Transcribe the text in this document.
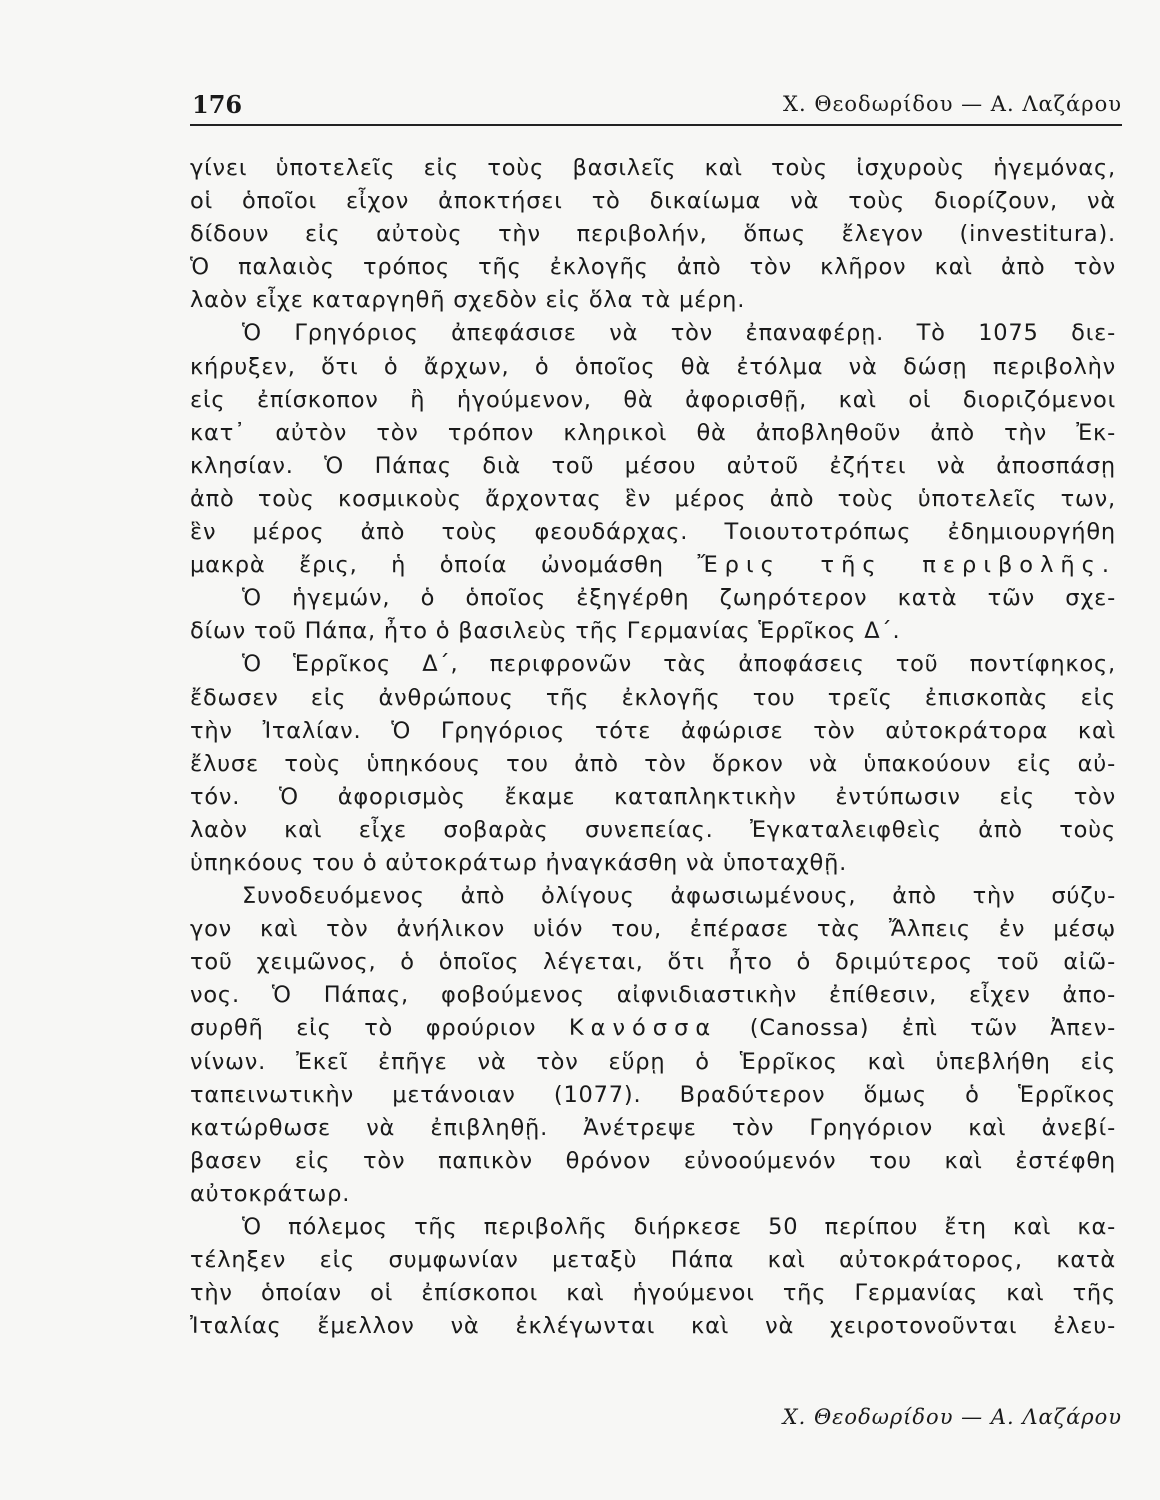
176	Χ. Θεοδωρίδου — Α. Λαζάρου
γίνει ὑποτελεῖς εἰς τοὺς βασιλεῖς καὶ τοὺς ἰσχυροὺς ἡγεμόνας,
οἱ ὁποῖοι εἶχον ἀποκτήσει τὸ δικαίωμα νὰ τοὺς διορίζουν, νὰ
δίδουν εἰς αὐτοὺς τὴν περιβολήν, ὅπως ἔλεγον (investitura).
Ὁ παλαιὸς τρόπος τῆς ἐκλογῆς ἀπὸ τὸν κλῆρον καὶ ἀπὸ τὸν
λαὸν εἶχε καταργηθῆ σχεδὸν εἰς ὅλα τὰ μέρη.
Ὁ Γρηγόριος ἀπεφάσισε νὰ τὸν ἐπαναφέρῃ. Τὸ 1075 διε-
κήρυξεν, ὅτι ὁ ἄρχων, ὁ ὁποῖος θὰ ἐτόλμα νὰ δώσῃ περιβολὴν
εἰς ἐπίσκοπον ἢ ἡγούμενον, θὰ ἀφορισθῇ, καὶ οἱ διοριζόμενοι
κατ᾽ αὐτὸν τὸν τρόπον κληρικοὶ θὰ ἀποβληθοῦν ἀπὸ τὴν Ἐκ-
κλησίαν. Ὁ Πάπας διὰ τοῦ μέσου αὐτοῦ ἐζήτει νὰ ἀποσπάσῃ
ἀπὸ τοὺς κοσμικοὺς ἄρχοντας ἓν μέρος ἀπὸ τοὺς ὑποτελεῖς των,
ἓν μέρος ἀπὸ τοὺς φεουδάρχας. Τοιουτοτρόπως ἐδημιουργήθη
μακρὰ ἔρις, ἡ ὁποία ὠνομάσθη Ἔρις τῆς περιβολῆς.
Ὁ ἡγεμών, ὁ ὁποῖος ἐξηγέρθη ζωηρότερον κατὰ τῶν σχε-
δίων τοῦ Πάπα, ἦτο ὁ βασιλεὺς τῆς Γερμανίας Ἑρρῖκος Δ΄.
Ὁ Ἑρρῖκος Δ΄, περιφρονῶν τὰς ἀποφάσεις τοῦ ποντίφηκος,
ἔδωσεν εἰς ἀνθρώπους τῆς ἐκλογῆς του τρεῖς ἐπισκοπὰς εἰς
τὴν Ἰταλίαν. Ὁ Γρηγόριος τότε ἀφώρισε τὸν αὐτοκράτορα καὶ
ἔλυσε τοὺς ὑπηκόους του ἀπὸ τὸν ὅρκον νὰ ὑπακούουν εἰς αὐ-
τόν. Ὁ ἀφορισμὸς ἔκαμε καταπληκτικὴν ἐντύπωσιν εἰς τὸν
λαὸν καὶ εἶχε σοβαρὰς συνεπείας. Ἐγκαταλειφθεὶς ἀπὸ τοὺς
ὑπηκόους του ὁ αὐτοκράτωρ ἠναγκάσθη νὰ ὑποταχθῇ.
Συνοδευόμενος ἀπὸ ὀλίγους ἀφωσιωμένους, ἀπὸ τὴν σύζυ-
γον καὶ τὸν ἀνήλικον υἱόν του, ἐπέρασε τὰς Ἄλπεις ἐν μέσῳ
τοῦ χειμῶνος, ὁ ὁποῖος λέγεται, ὅτι ἦτο ὁ δριμύτερος τοῦ αἰῶ-
νος. Ὁ Πάπας, φοβούμενος αἰφνιδιαστικὴν ἐπίθεσιν, εἶχεν ἀπο-
συρθῆ εἰς τὸ φρούριον Κανόσσα (Canossa) ἐπὶ τῶν Ἀπεν-
νίνων. Ἐκεῖ ἐπῆγε νὰ τὸν εὕρῃ ὁ Ἑρρῖκος καὶ ὑπεβλήθη εἰς
ταπεινωτικὴν μετάνοιαν (1077). Βραδύτερον ὅμως ὁ Ἑρρῖκος
κατώρθωσε νὰ ἐπιβληθῇ. Ἀνέτρεψε τὸν Γρηγόριον καὶ ἀνεβί-
βασεν εἰς τὸν παπικὸν θρόνον εὐνοούμενόν του καὶ ἐστέφθη
αὐτοκράτωρ.
Ὁ πόλεμος τῆς περιβολῆς διήρκεσε 50 περίπου ἔτη καὶ κα-
τέληξεν εἰς συμφωνίαν μεταξὺ Πάπα καὶ αὐτοκράτορος, κατὰ
τὴν ὁποίαν οἱ ἐπίσκοποι καὶ ἡγούμενοι τῆς Γερμανίας καὶ τῆς
Ἰταλίας ἔμελλον νὰ ἐκλέγωνται καὶ νὰ χειροτονοῦνται ἐλευ-
Χ. Θεοδωρίδου — Α. Λαζάρου
